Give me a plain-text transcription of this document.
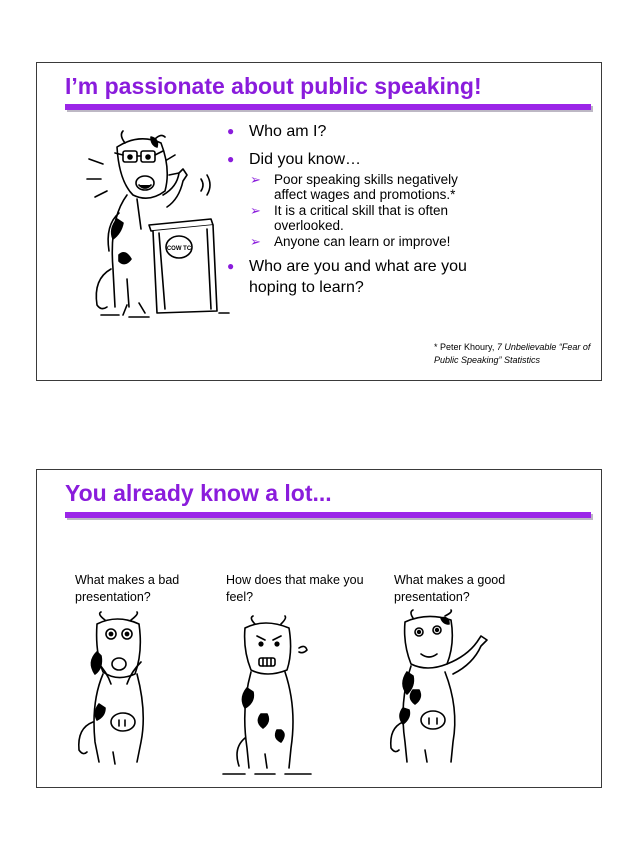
I’m passionate about public speaking!
COW TC
● Who am I?
● Did you know…
➢ Poor speaking skills negatively affect wages and promotions.*
➢ It is a critical skill that is often overlooked.
➢ Anyone can learn or improve!
● Who are you and what are you hoping to learn?
* Peter Khoury, 7 Unbelievable “Fear of Public Speaking” Statistics
You already know a lot...
What makes a bad presentation?
How does that make you feel?
What makes a good presentation?
